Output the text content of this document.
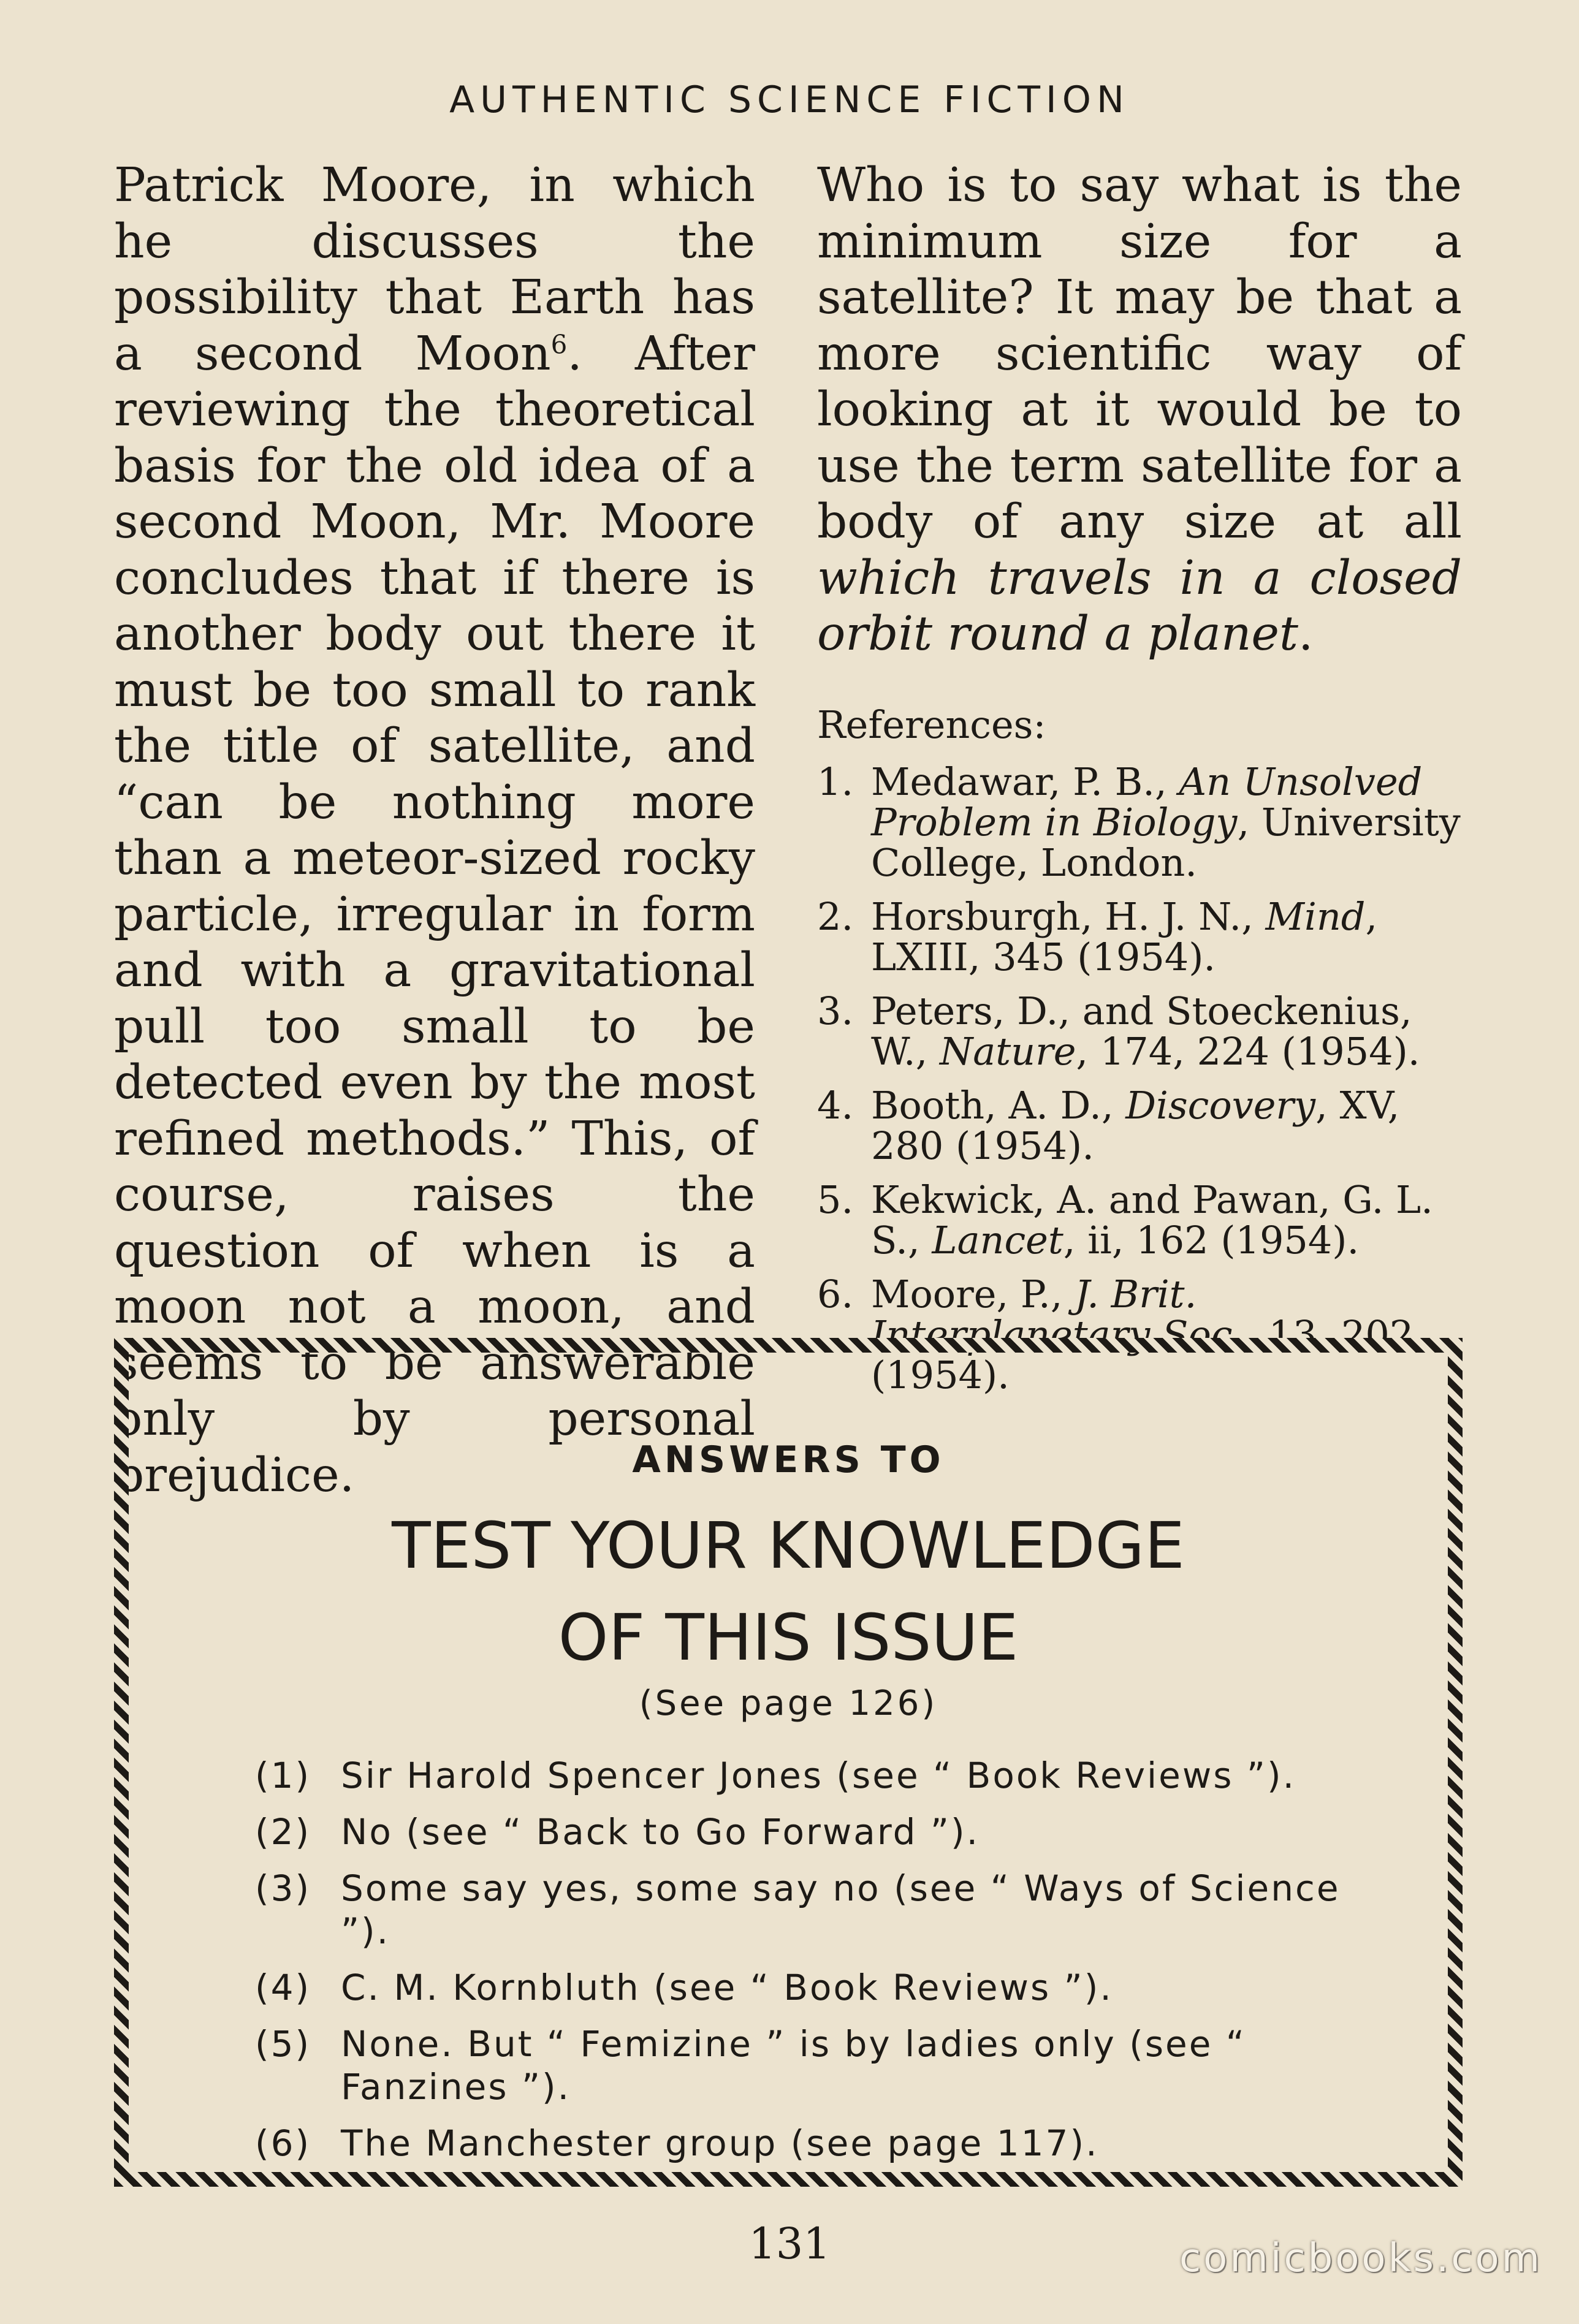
AUTHENTIC SCIENCE FICTION

Patrick Moore, in which he discusses the possibility that Earth has a second Moon$^6$. After reviewing the theoretical basis for the old idea of a second Moon, Mr. Moore concludes that if there is another body out there it must be too small to rank the title of satellite, and “can be nothing more than a meteor-sized rocky particle, irregular in form and with a gravitational pull too small to be detected even by the most refined methods.” This, of course, raises the question of when is a moon not a moon, and seems to be answerable only by personal prejudice.

Who is to say what is the minimum size for a satellite? It may be that a more scientific way of looking at it would be to use the term satellite for a body of any size at all which travels in a closed orbit round a planet.

References:
1. Medawar, P. B., An Unsolved Problem in Biology, University College, London.
2. Horsburgh, H. J. N., Mind, LXIII, 345 (1954).
3. Peters, D., and Stoeckenius, W., Nature, 174, 224 (1954).
4. Booth, A. D., Discovery, XV, 280 (1954).
5. Kekwick, A. and Pawan, G. L. S., Lancet, ii, 162 (1954).
6. Moore, P., J. Brit. Interplanetary Soc., 13, 202 (1954).
ANSWERS TO
TEST YOUR KNOWLEDGE
OF THIS ISSUE
(See page 126)
(1) Sir Harold Spencer Jones (see “ Book Reviews ”).
(2) No (see “ Back to Go Forward ”).
(3) Some say yes, some say no (see “ Ways of Science ”).
(4) C. M. Kornbluth (see “ Book Reviews ”).
(5) None. But “ Femizine ” is by ladies only (see “ Fanzines ”).
(6) The Manchester group (see page 117).
131	comicbooks.com
